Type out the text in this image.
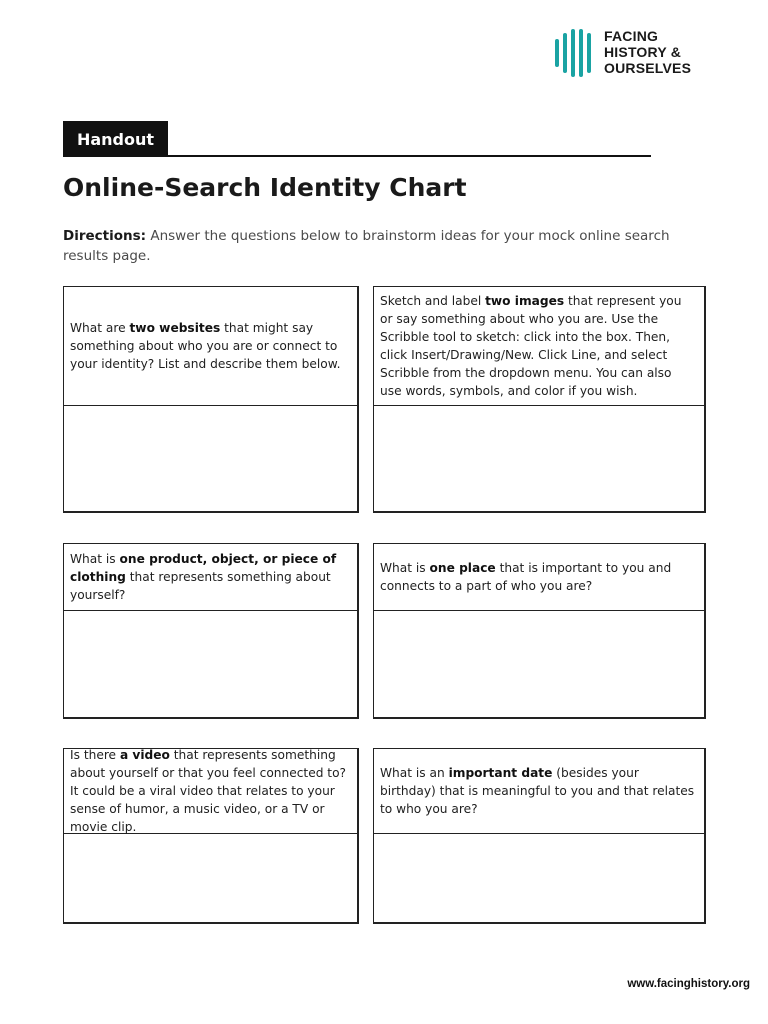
FACING
HISTORY &
OURSELVES
Handout
Online-Search Identity Chart

Directions: Answer the questions below to brainstorm ideas for your mock online search results page.

What are two websites that might say something about who you are or connect to your identity? List and describe them below.

Sketch and label two images that represent you or say something about who you are. Use the Scribble tool to sketch: click into the box. Then, click Insert/Drawing/New. Click Line, and select Scribble from the dropdown menu. You can also use words, symbols, and color if you wish.

What is one product, object, or piece of clothing that represents something about yourself?

What is one place that is important to you and connects to a part of who you are?

Is there a video that represents something about yourself or that you feel connected to? It could be a viral video that relates to your sense of humor, a music video, or a TV or movie clip.

What is an important date (besides your birthday) that is meaningful to you and that relates to who you are?

www.facinghistory.org
